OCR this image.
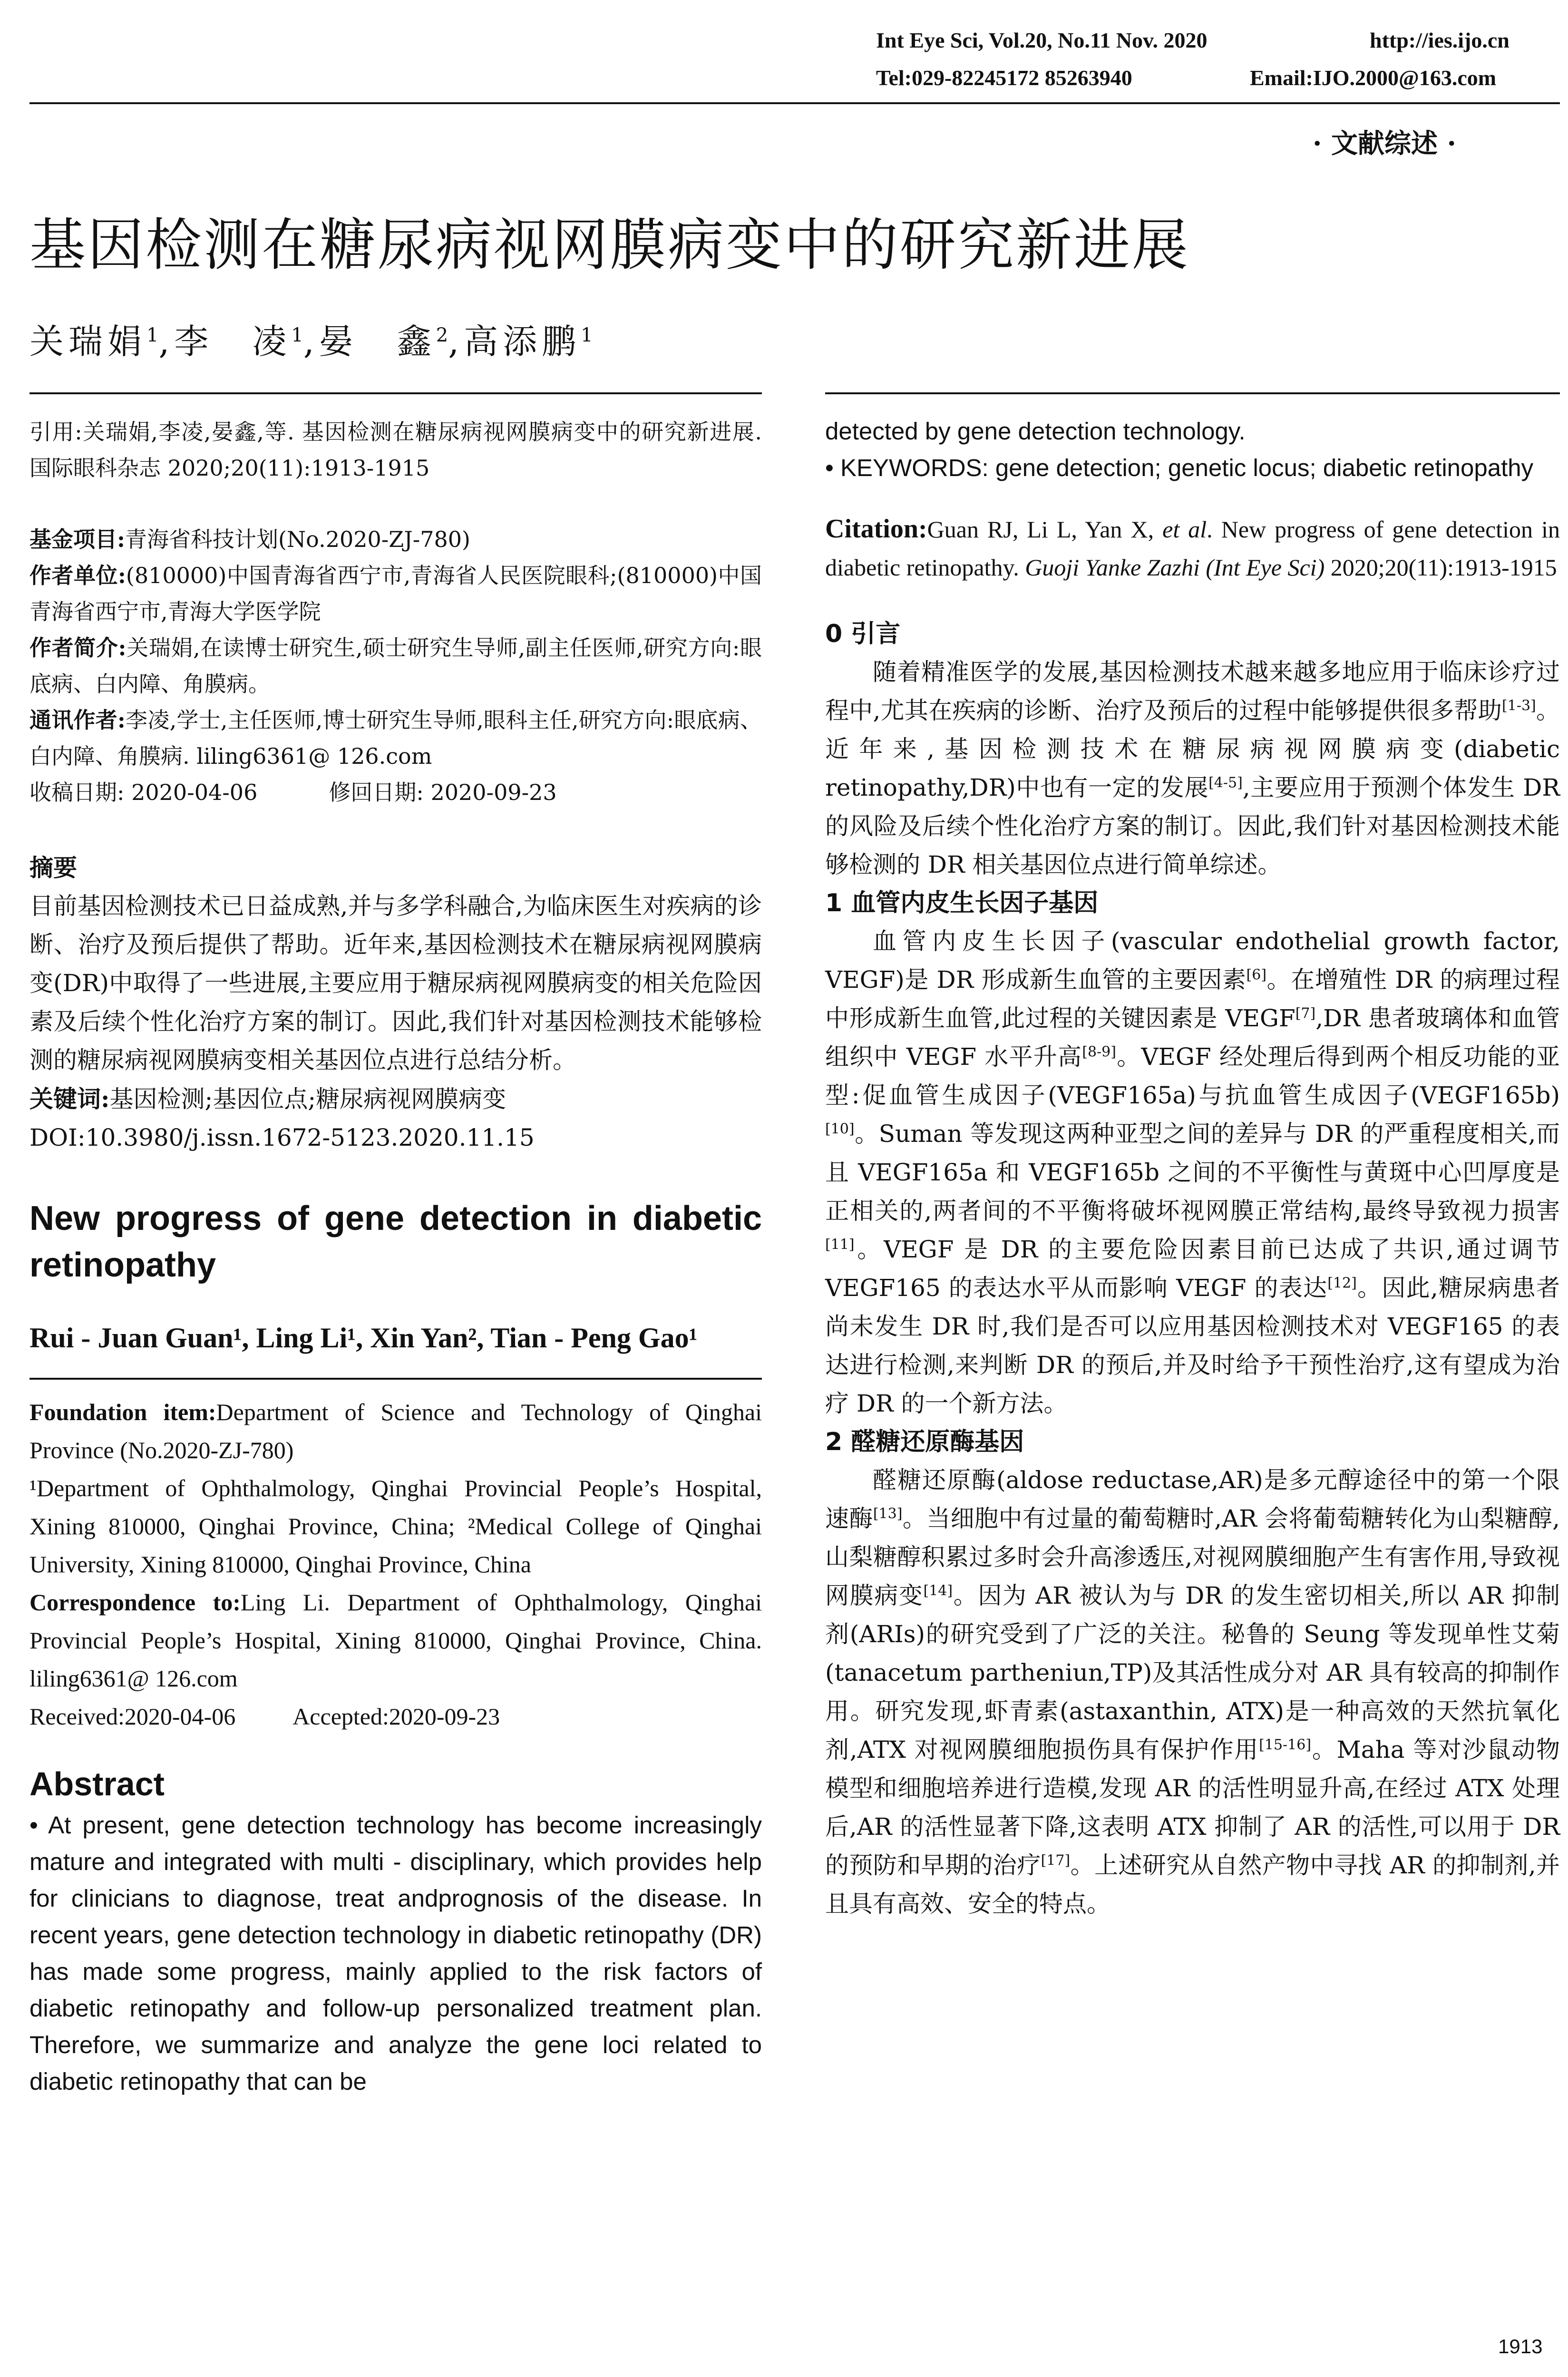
Int Eye Sci, Vol.20, No.11 Nov. 2020	http://ies.ijo.cn
Tel:029-82245172 85263940	Email:IJO.2000@163.com
· 文献综述 ·
基因检测在糖尿病视网膜病变中的研究新进展
关瑞娟$^1$,李　凌$^1$,晏　鑫$^2$,高添鹏$^1$
引用:关瑞娟,李凌,晏鑫,等. 基因检测在糖尿病视网膜病变中的研究新进展. 国际眼科杂志 2020;20(11):1913-1915

基金项目:青海省科技计划(No.2020-ZJ-780)

作者单位:(810000)中国青海省西宁市,青海省人民医院眼科;(810000)中国青海省西宁市,青海大学医学院

作者简介:关瑞娟,在读博士研究生,硕士研究生导师,副主任医师,研究方向:眼底病、白内障、角膜病。

通讯作者:李凌,学士,主任医师,博士研究生导师,眼科主任,研究方向:眼底病、白内障、角膜病. liling6361@ 126.com

收稿日期: 2020-04-06	修回日期: 2020-09-23

摘要

目前基因检测技术已日益成熟,并与多学科融合,为临床医生对疾病的诊断、治疗及预后提供了帮助。近年来,基因检测技术在糖尿病视网膜病变(DR)中取得了一些进展,主要应用于糖尿病视网膜病变的相关危险因素及后续个性化治疗方案的制订。因此,我们针对基因检测技术能够检测的糖尿病视网膜病变相关基因位点进行总结分析。

关键词:基因检测;基因位点;糖尿病视网膜病变

DOI:10.3980/j.issn.1672-5123.2020.11.15

New progress of gene detection in diabetic retinopathy
Rui - Juan Guan¹, Ling Li¹, Xin Yan², Tian - Peng Gao¹

Foundation item:Department of Science and Technology of Qinghai Province (No.2020-ZJ-780)

¹Department of Ophthalmology, Qinghai Provincial People’s Hospital, Xining 810000, Qinghai Province, China; ²Medical College of Qinghai University, Xining 810000, Qinghai Province, China

Correspondence to:Ling Li. Department of Ophthalmology, Qinghai Provincial People’s Hospital, Xining 810000, Qinghai Province, China. liling6361@ 126.com

Received:2020-04-06 Accepted:2020-09-23

Abstract
• At present, gene detection technology has become increasingly mature and integrated with multi - disciplinary, which provides help for clinicians to diagnose, treat andprognosis of the disease. In recent years, gene detection technology in diabetic retinopathy (DR) has made some progress, mainly applied to the risk factors of diabetic retinopathy and follow-up personalized treatment plan. Therefore, we summarize and analyze the gene loci related to diabetic retinopathy that can be

detected by gene detection technology.

• KEYWORDS: gene detection; genetic locus; diabetic retinopathy

Citation:Guan RJ, Li L, Yan X, et al. New progress of gene detection in diabetic retinopathy. Guoji Yanke Zazhi (Int Eye Sci) 2020;20(11):1913-1915
0 引言

随着精准医学的发展,基因检测技术越来越多地应用于临床诊疗过程中,尤其在疾病的诊断、治疗及预后的过程中能够提供很多帮助[1-3]。近年来,基因检测技术在糖尿病视网膜病变(diabetic retinopathy,DR)中也有一定的发展[4-5],主要应用于预测个体发生 DR 的风险及后续个性化治疗方案的制订。因此,我们针对基因检测技术能够检测的 DR 相关基因位点进行简单综述。

1 血管内皮生长因子基因

血管内皮生长因子(vascular endothelial growth factor, VEGF)是 DR 形成新生血管的主要因素[6]。在增殖性 DR 的病理过程中形成新生血管,此过程的关键因素是 VEGF[7],DR 患者玻璃体和血管组织中 VEGF 水平升高[8-9]。VEGF 经处理后得到两个相反功能的亚型:促血管生成因子(VEGF165a)与抗血管生成因子(VEGF165b)[10]。Suman 等发现这两种亚型之间的差异与 DR 的严重程度相关,而且 VEGF165a 和 VEGF165b 之间的不平衡性与黄斑中心凹厚度是正相关的,两者间的不平衡将破坏视网膜正常结构,最终导致视力损害[11]。VEGF 是 DR 的主要危险因素目前已达成了共识,通过调节 VEGF165 的表达水平从而影响 VEGF 的表达[12]。因此,糖尿病患者尚未发生 DR 时,我们是否可以应用基因检测技术对 VEGF165 的表达进行检测,来判断 DR 的预后,并及时给予干预性治疗,这有望成为治疗 DR 的一个新方法。

2 醛糖还原酶基因

醛糖还原酶(aldose reductase,AR)是多元醇途径中的第一个限速酶[13]。当细胞中有过量的葡萄糖时,AR 会将葡萄糖转化为山梨糖醇,山梨糖醇积累过多时会升高渗透压,对视网膜细胞产生有害作用,导致视网膜病变[14]。因为 AR 被认为与 DR 的发生密切相关,所以 AR 抑制剂(ARIs)的研究受到了广泛的关注。秘鲁的 Seung 等发现单性艾菊(tanacetum partheniun,TP)及其活性成分对 AR 具有较高的抑制作用。研究发现,虾青素(astaxanthin, ATX)是一种高效的天然抗氧化剂,ATX 对视网膜细胞损伤具有保护作用[15-16]。Maha 等对沙鼠动物模型和细胞培养进行造模,发现 AR 的活性明显升高,在经过 ATX 处理后,AR 的活性显著下降,这表明 ATX 抑制了 AR 的活性,可以用于 DR 的预防和早期的治疗[17]。上述研究从自然产物中寻找 AR 的抑制剂,并且具有高效、安全的特点。

1913
